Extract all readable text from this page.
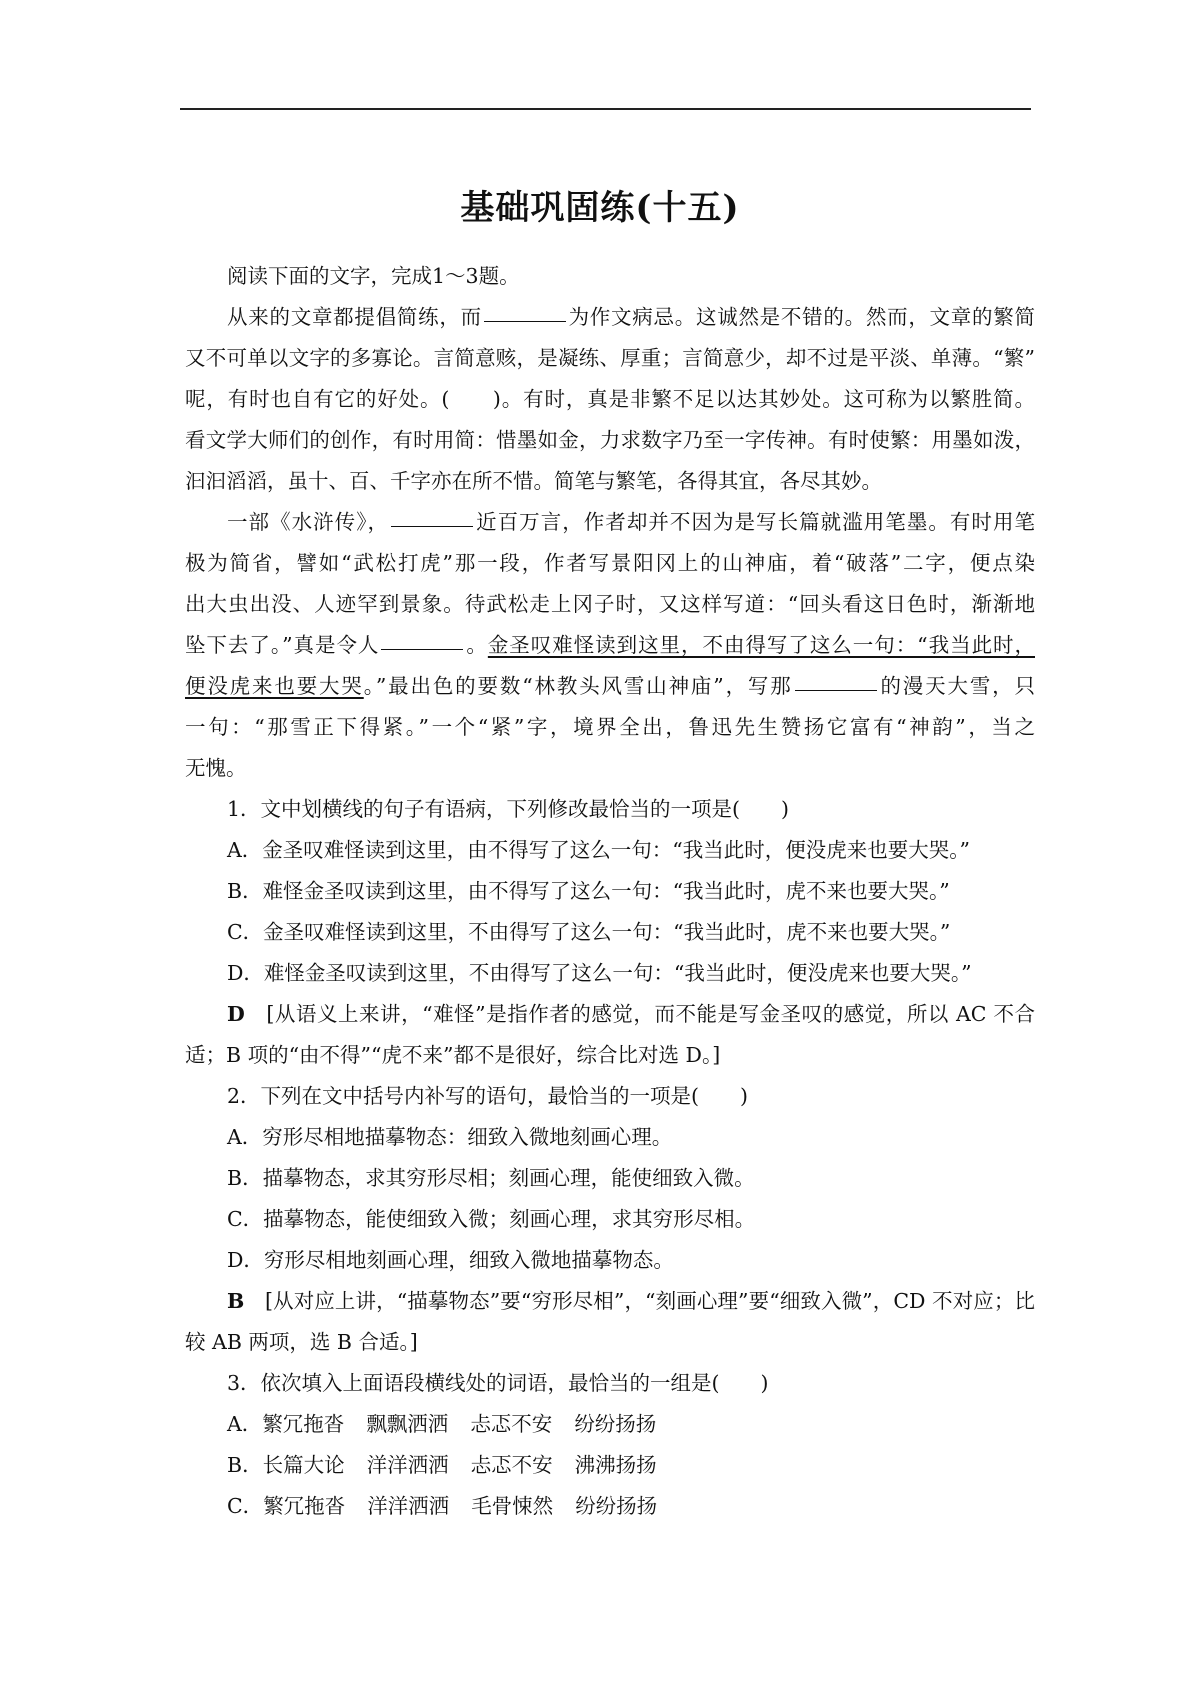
基础巩固练(十五)
阅读下面的文字，完成1～3题。
从来的文章都提倡简练，而	为作文病忌。这诚然是不错的。然而，文章的繁简
又不可单以文字的多寡论。言简意赅，是凝练、厚重；言简意少，却不过是平淡、单薄。“繁”
呢，有时也自有它的好处。(　　)。有时，真是非繁不足以达其妙处。这可称为以繁胜简。
看文学大师们的创作，有时用简：惜墨如金，力求数字乃至一字传神。有时使繁：用墨如泼，
汩汩滔滔，虽十、百、千字亦在所不惜。简笔与繁笔，各得其宜，各尽其妙。
一部《水浒传》，	近百万言，作者却并不因为是写长篇就滥用笔墨。有时用笔
极为简省，譬如“武松打虎”那一段，作者写景阳冈上的山神庙，着“破落”二字，便点染
出大虫出没、人迹罕到景象。待武松走上冈子时，又这样写道：“回头看这日色时，渐渐地
坠下去了。”真是令人	。金圣叹难怪读到这里，不由得写了这么一句：“我当此时，
便没虎来也要大哭。”最出色的要数“林教头风雪山神庙”，写那	的漫天大雪，只
一句：“那雪正下得紧。”一个“紧”字，境界全出，鲁迅先生赞扬它富有“神韵”，当之
无愧。
1．文中划横线的句子有语病，下列修改最恰当的一项是(　　)
A．金圣叹难怪读到这里，由不得写了这么一句：“我当此时，便没虎来也要大哭。”
B．难怪金圣叹读到这里，由不得写了这么一句：“我当此时，虎不来也要大哭。”
C．金圣叹难怪读到这里，不由得写了这么一句：“我当此时，虎不来也要大哭。”
D．难怪金圣叹读到这里，不由得写了这么一句：“我当此时，便没虎来也要大哭。”
D　 [从语义上来讲，“难怪”是指作者的感觉，而不能是写金圣叹的感觉，所以 AC 不合
适；B 项的“由不得”“虎不来”都不是很好，综合比对选 D。]
2．下列在文中括号内补写的语句，最恰当的一项是(　　)
A．穷形尽相地描摹物态：细致入微地刻画心理。
B．描摹物态，求其穷形尽相；刻画心理，能使细致入微。
C．描摹物态，能使细致入微；刻画心理，求其穷形尽相。
D．穷形尽相地刻画心理，细致入微地描摹物态。
B　 [从对应上讲，“描摹物态”要“穷形尽相”，“刻画心理”要“细致入微”，CD 不对应；比
较 AB 两项，选 B 合适。]
3．依次填入上面语段横线处的词语，最恰当的一组是(　　)
A．繁冗拖沓 飘飘洒洒 忐忑不安 纷纷扬扬
B．长篇大论 洋洋洒洒 忐忑不安 沸沸扬扬
C．繁冗拖沓 洋洋洒洒 毛骨悚然 纷纷扬扬
